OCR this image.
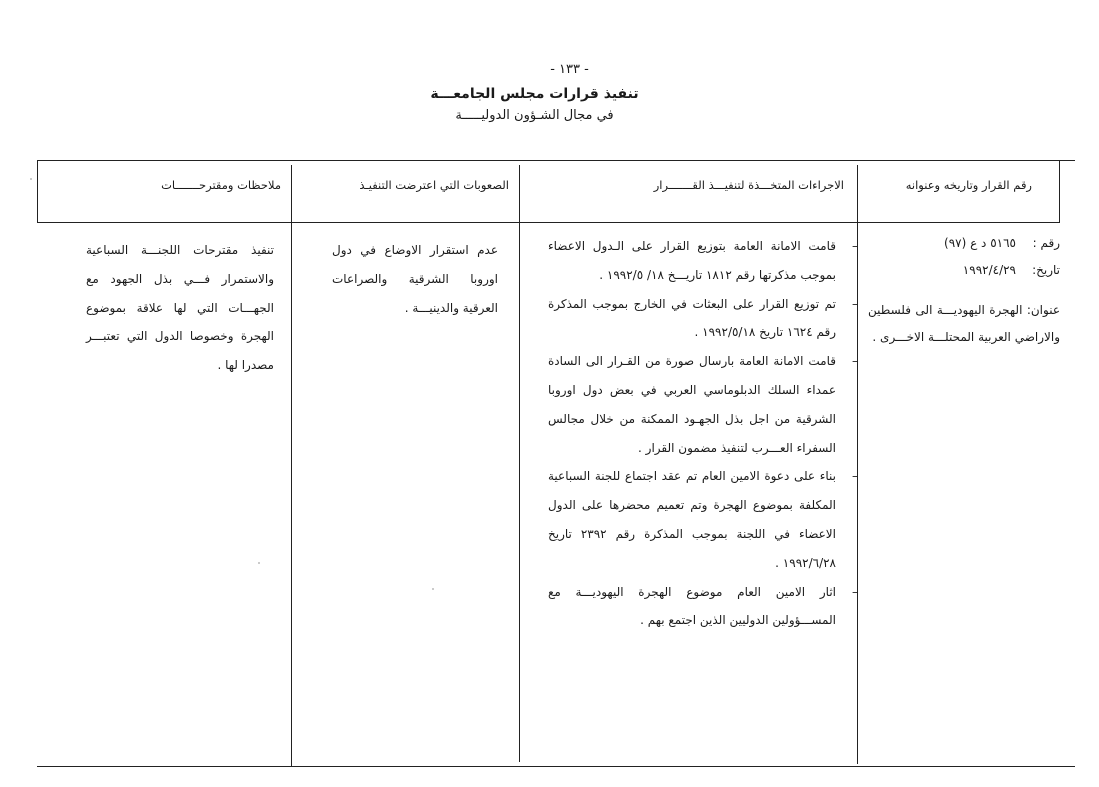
- ١٣٣ -
تنفيذ قرارات مجلس الجامعـــة
في مجال الشـؤون الدوليـــــة
رقم القرار وتاريخه وعنوانه
الاجراءات المتخـــذة لتنفيـــذ القـــــــرار
الصعوبات التي اعترضت التنفيـذ
ملاحظات ومقترحـــــــات
رقم :
٥١٦٥ د ع (٩٧)
تاريخ:
١٩٩٢/٤/٢٩
عنوان: الهجرة اليهوديـــة الى فلسطين والاراضي العربية المحتلـــة الاخـــرى .
–
قامت الامانة العامة بتوزيع القرار على الـدول الاعضاء بموجب مذكرتها رقم ١٨١٢ تاريـــخ ١٨/ ١٩٩٢/٥ .
–
تم توزيع القرار على البعثات في الخارج بموجب المذكرة رقم ١٦٢٤ تاريخ ١٩٩٢/٥/١٨ .
–
قامت الامانة العامة بارسال صورة من القـرار الى السادة عمداء السلك الدبلوماسي العربي في بعض دول اوروبا الشرقية من اجل بذل الجهـود الممكنة من خلال مجالس السفراء العـــرب لتنفيذ مضمون القرار .
–
بناء على دعوة الامين العام تم عقد اجتماع للجنة السباعية المكلفة بموضوع الهجرة وتم تعميم محضرها على الدول الاعضاء في اللجنة بموجب المذكرة رقم ٢٣٩٢ تاريخ ١٩٩٢/٦/٢٨ .
–
اثار الامين العام موضوع الهجرة اليهوديـــة مع المســـؤولين الدوليين الذين اجتمع بهم .
عدم استقرار الاوضاع في دول اوروبا الشرقية والصراعات العرقية والدينيـــة .
تنفيذ مقترحات اللجنـــة السباعية والاستمرار فـــي بذل الجهود مع الجهـــات التي لها علاقة بموضوع الهجرة وخصوصا الدول التي تعتبـــر مصدرا لها .
